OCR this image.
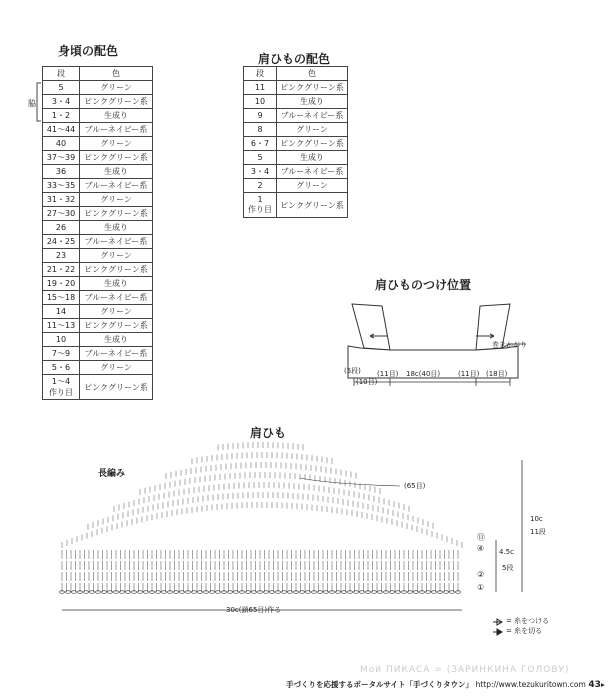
身頃の配色
脇
段	色
5	グリーン
3・4	ピンクグリーン系
1・2	生成り
41〜44	ブルーネイビー系
40	グリーン
37〜39	ピンクグリーン系
36	生成り
33〜35	ブルーネイビー系
31・32	グリーン
27〜30	ピンクグリーン系
26	生成り
24・25	ブルーネイビー系
23	グリーン
21・22	ピンクグリーン系
19・20	生成り
15〜18	ブルーネイビー系
14	グリーン
11〜13	ピンクグリーン系
10	生成り
7〜9	ブルーネイビー系
5・6	グリーン
1〜4
作り目	ピンクグリーン系
肩ひもの配色
段	色
11	ピンクグリーン系
10	生成り
9	ブルーネイビー系
8	グリーン
6・7	ピンクグリーン系
5	生成り
3・4	ブルーネイビー系
2	グリーン
1
作り目	ピンクグリーン系
肩ひものつけ位置
巻きかがり
(5段)
(10目)
(11目) 18c(40目)	(11目) (18目)
肩ひも
長編み
(65目)
30c(鎖65目)作る
10c
11段
4.5c
5段
⑪
④
②
①
= 糸をつける
= 糸を切る
Мой ПИКАСА ∞ (ЗАРИНКИНА ГОЛОВУ)
手づくりを応援するポータルサイト「手づくりタウン」 http://www.tezukuritown.com 43▸
